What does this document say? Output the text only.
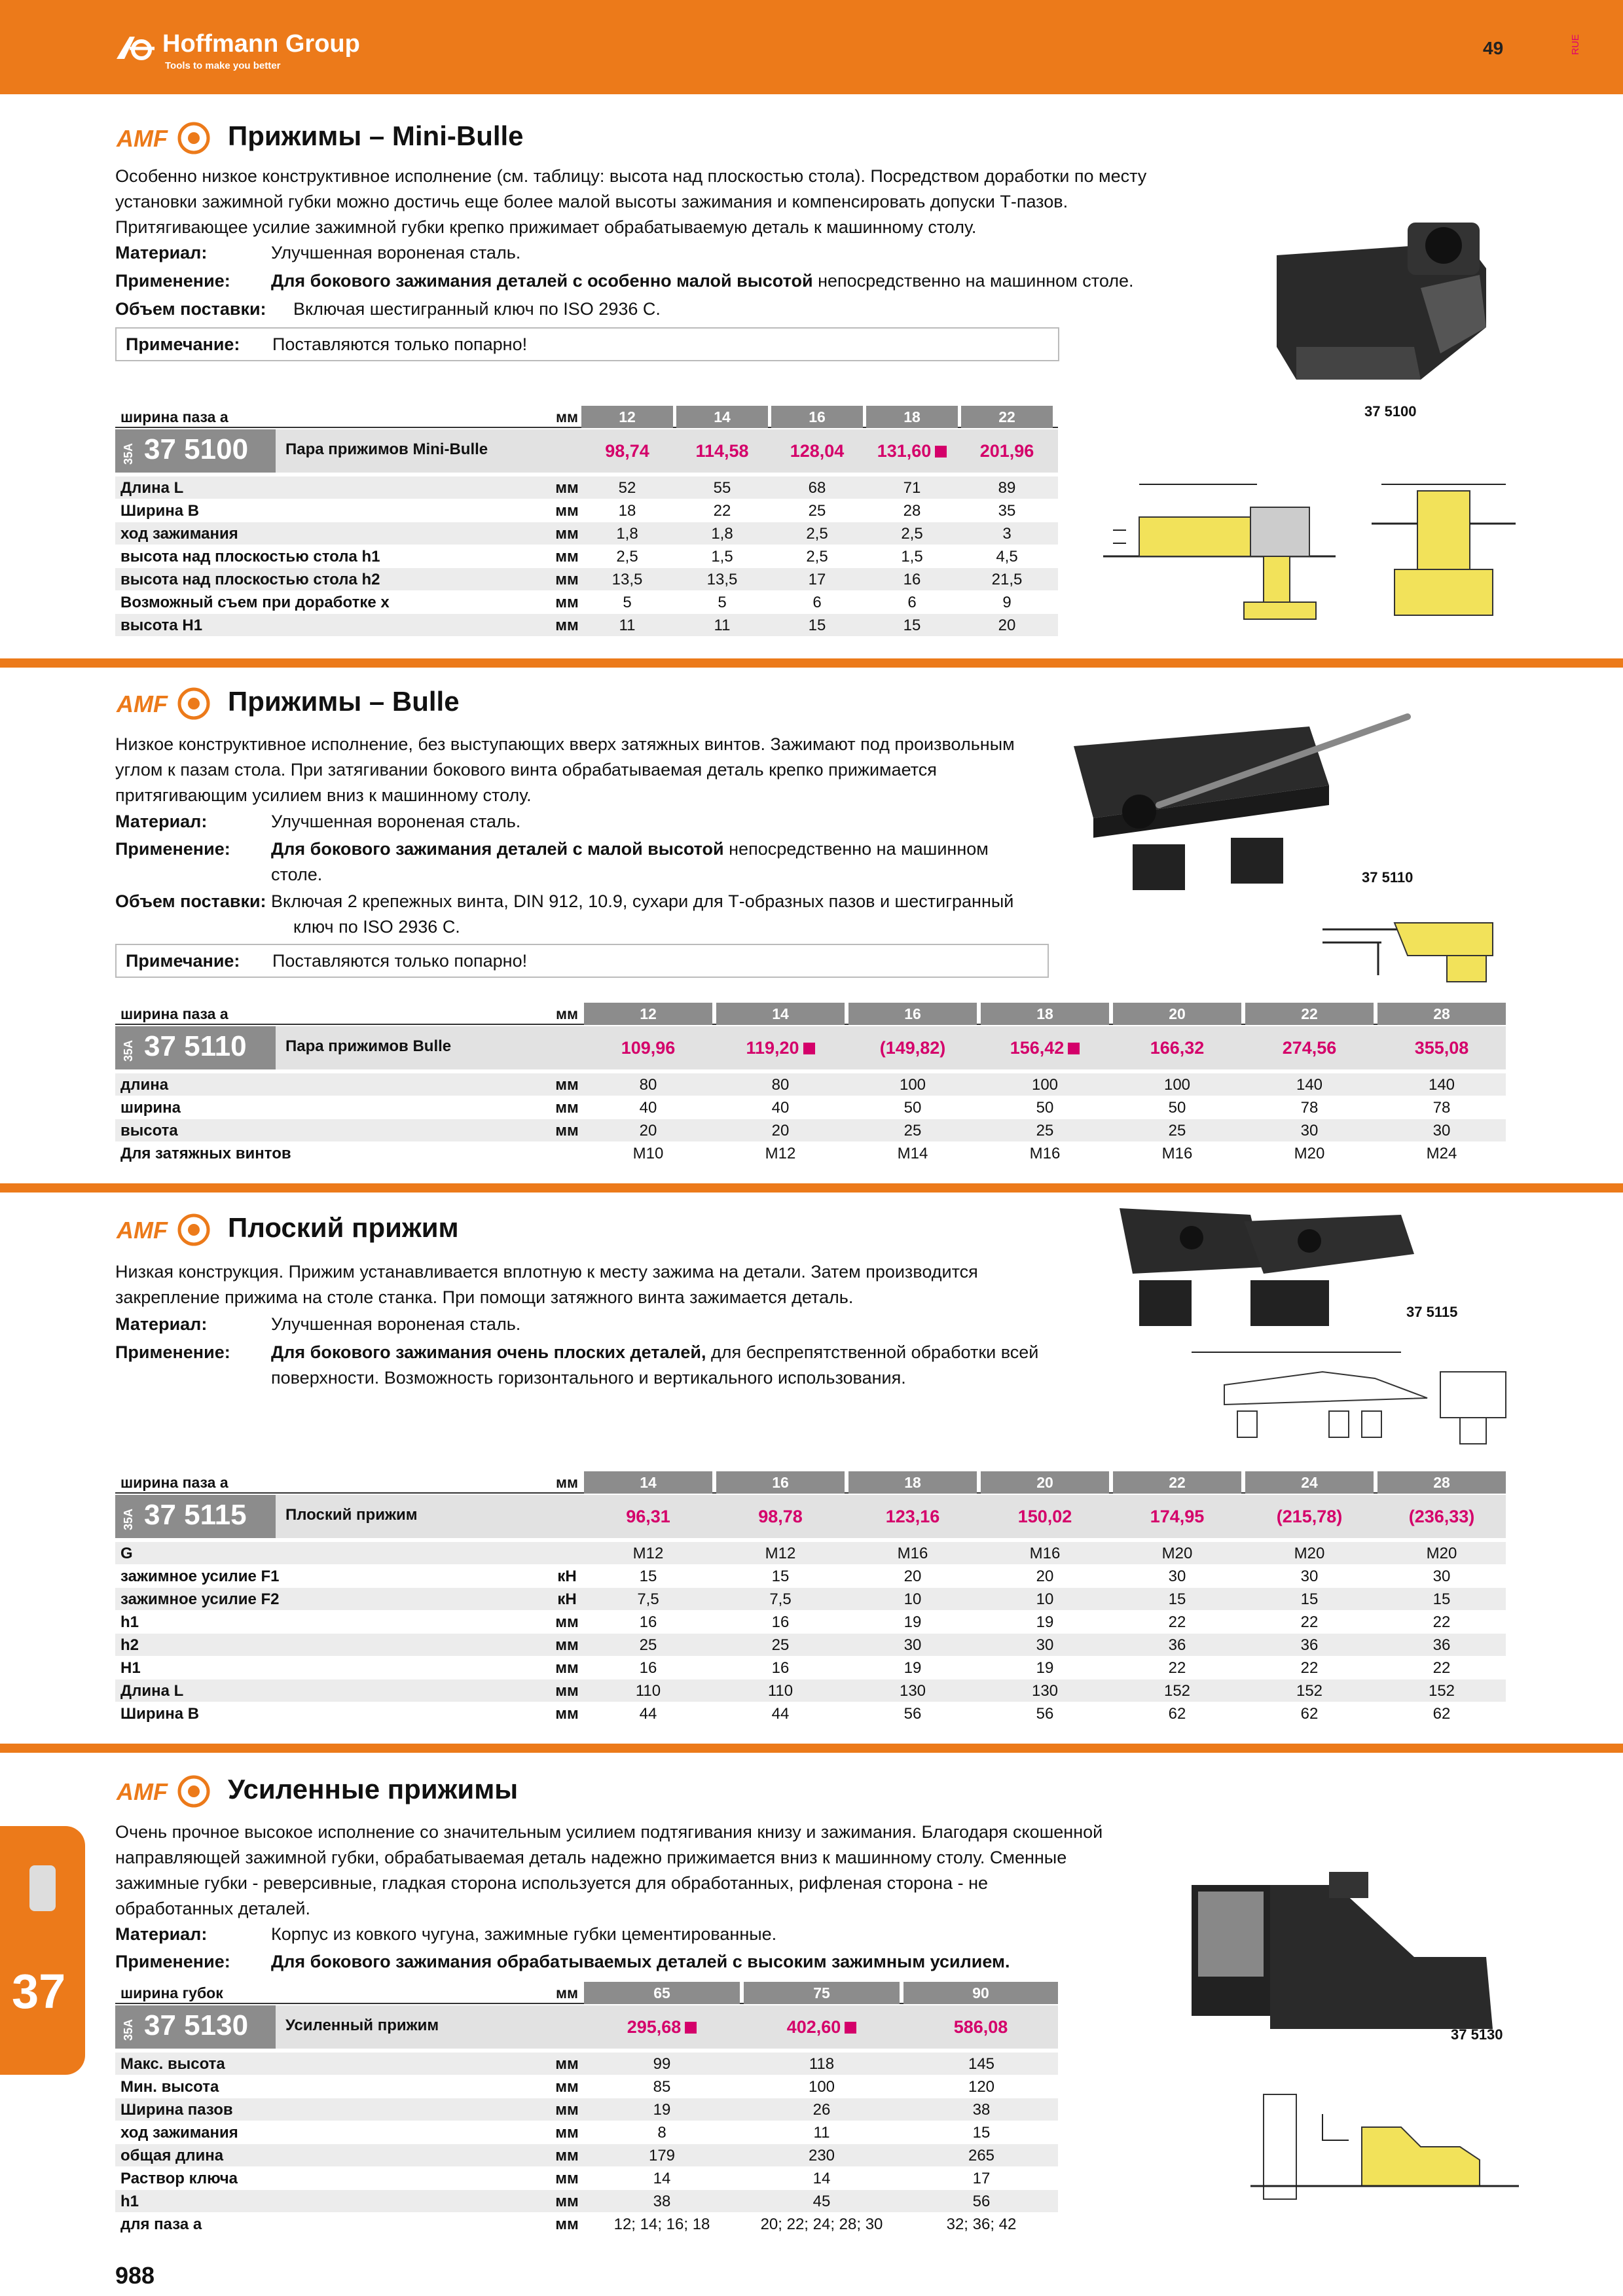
Hoffmann Group
Tools to make you better
49	RUE
37
AMF Прижимы – Mini-Bulle
Особенно низкое конструктивное исполнение (см. таблицу: высота над плоскостью стола). Посредством доработки по месту установки зажимной губки можно достичь еще более малой высоты зажимания и компенсировать допуски Т-пазов. Притягивающее усилие зажимной губки крепко прижимает обрабатываемую деталь к машинному столу.
Материал:	Улучшенная вороненая сталь.
Применение: Для бокового зажимания деталей с особенно малой высотой непосредственно на машинном столе.
Объем поставки: Включая шестигранный ключ по ISO 2936 C.
Примечание: Поставляются только попарно!
37 5100
ширина паза a	мм	12	14	16	18	22
35A 37 5100 Пара прижимов Mini-Bulle	98,74	114,58	128,04	131,60	201,96
Длина L	мм	52	55	68	71	89
Ширина B	мм	18	22	25	28	35
ход зажимания	мм	1,8	1,8	2,5	2,5	3
высота над плоскостью стола h1	мм	2,5	1,5	2,5	1,5	4,5
высота над плоскостью стола h2	мм	13,5	13,5	17	16	21,5
Возможный съем при доработке x	мм	5	5	6	6	9
высота H1	мм	11	11	15	15	20
AMF Прижимы – Bulle
Низкое конструктивное исполнение, без выступающих вверх затяжных винтов. Зажимают под произвольным углом к пазам стола. При затягивании бокового винта обрабатываемая деталь крепко прижимается притягивающим усилием вниз к машинному столу.
Материал:	Улучшенная вороненая сталь.
Применение: Для бокового зажимания деталей с малой высотой непосредственно на машинном столе.
Объем поставки: Включая 2 крепежных винта, DIN 912, 10.9, сухари для Т-образных пазов и шестигранный ключ по ISO 2936 C.
Примечание: Поставляются только попарно!
37 5110
ширина паза a	мм	12	14	16	18	20	22	28
35A 37 5110 Пара прижимов Bulle	109,96	119,20	(149,82)	156,42	166,32	274,56	355,08
длина	мм	80	80	100	100	100	140	140
ширина	мм	40	40	50	50	50	78	78
высота	мм	20	20	25	25	25	30	30
Для затяжных винтов	M10	M12	M14	M16	M16	M20	M24
AMF Плоский прижим
Низкая конструкция. Прижим устанавливается вплотную к месту зажима на детали. Затем производится закрепление прижима на столе станка. При помощи затяжного винта зажимается деталь.
Материал:	Улучшенная вороненая сталь.
Применение: Для бокового зажимания очень плоских деталей, для беспрепятственной обработки всей поверхности. Возможность горизонтального и вертикального использования.
37 5115
ширина паза a	мм	14	16	18	20	22	24	28
35A 37 5115 Плоский прижим	96,31	98,78	123,16	150,02	174,95	(215,78)	(236,33)
G	M12	M12	M16	M16	M20	M20	M20
зажимное усилие F1	кН	15	15	20	20	30	30	30
зажимное усилие F2	кН	7,5	7,5	10	10	15	15	15
h1	мм	16	16	19	19	22	22	22
h2	мм	25	25	30	30	36	36	36
H1	мм	16	16	19	19	22	22	22
Длина L	мм	110	110	130	130	152	152	152
Ширина B	мм	44	44	56	56	62	62	62
AMF Усиленные прижимы
Очень прочное высокое исполнение со значительным усилием подтягивания книзу и зажимания. Благодаря скошенной направляющей зажимной губки, обрабатываемая деталь надежно прижимается вниз к машинному столу. Сменные зажимные губки - реверсивные, гладкая сторона используется для обработанных, рифленая сторона - не обработанных деталей.
Материал:	Корпус из ковкого чугуна, зажимные губки цементированные.
Применение: Для бокового зажимания обрабатываемых деталей с высоким зажимным усилием.
37 5130
ширина губок	мм	65	75	90
35A 37 5130 Усиленный прижим	295,68	402,60	586,08
Макс. высота	мм	99	118	145
Мин. высота	мм	85	100	120
Ширина пазов	мм	19	26	38
ход зажимания	мм	8	11	15
общая длина	мм	179	230	265
Раствор ключа	мм	14	14	17
h1	мм	38	45	56
для паза a	мм	12; 14; 16; 18	20; 22; 24; 28; 30	32; 36; 42
988
